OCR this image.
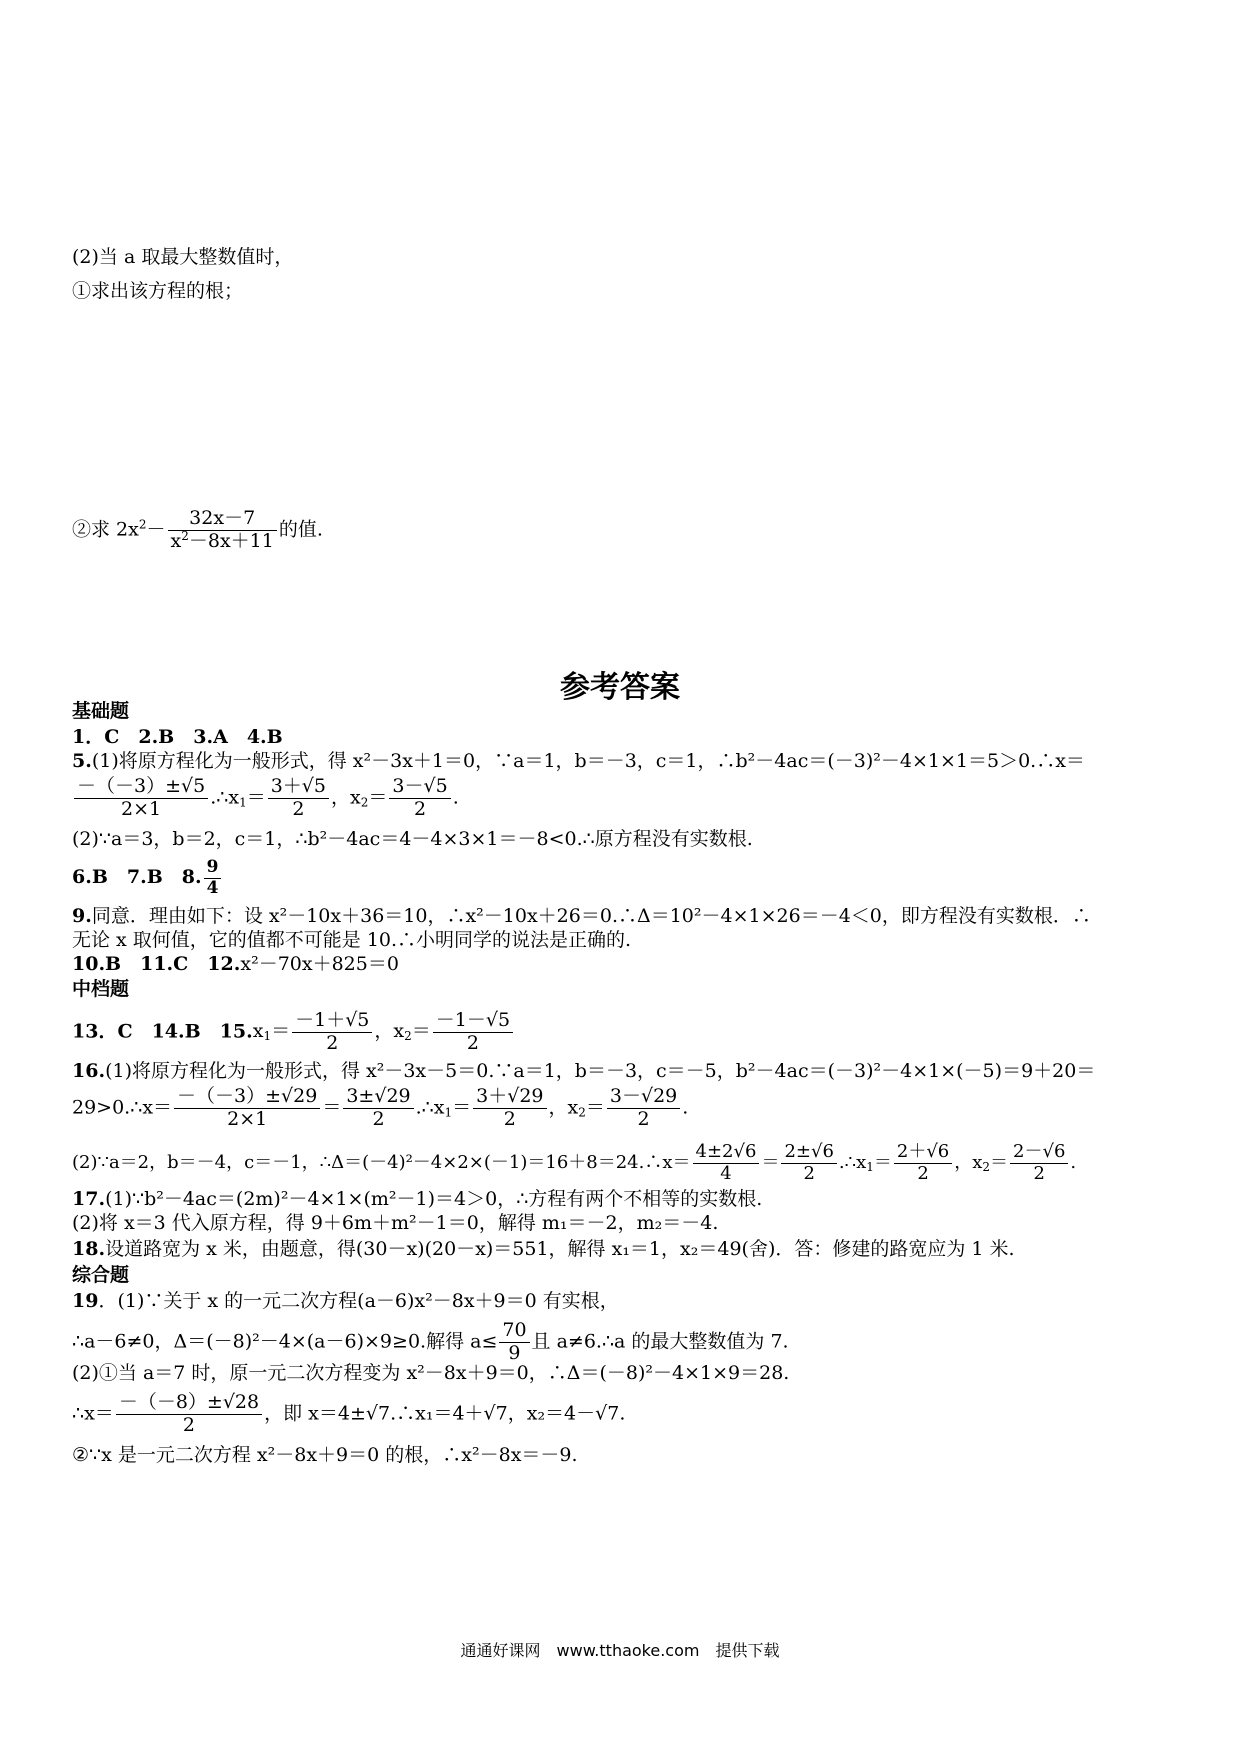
(2)当 a 取最大整数值时，
①求出该方程的根；
②求 $2x^2- \frac{32x-7}{x^2-8x+11}$ 的值.
参考答案
基础题
1．C　2.B　3.A　4.B
5.(1)将原方程化为一般形式，得 x²－3x＋1＝0，∵a＝1，b＝－3，c＝1，∴b²－4ac＝(－3)²－4×1×1＝5＞0.∴x＝
$\frac{-(-3)\pm√5}{2\times 1}$ $.\therefore x_1= \frac{3+√5}{2}$ ，$x_2= \frac{3-√5}{2}$ .
(2)∵a＝3，b＝2，c＝1，∴b²－4ac＝4－4×3×1＝－8<0.∴原方程没有实数根.
6.B　7.B　8. $\frac{9}{4}$
9.同意．理由如下：设 x²－10x＋36＝10，∴x²－10x＋26＝0.∴Δ＝10²－4×1×26＝－4＜0，即方程没有实数根．∴
无论 x 取何值，它的值都不可能是 10.∴小明同学的说法是正确的.
10.B　11.C　12.x²－70x＋825＝0
中档题
13．C　14.B　$15.x_1= \frac{-1+√5}{2}$ ，$x_2= \frac{-1-√5}{2}$
16.(1)将原方程化为一般形式，得 x²－3x－5＝0.∵a＝1，b＝－3，c＝－5，b²－4ac＝(－3)²－4×1×(－5)＝9＋20＝
29>0.∴x＝ $\frac{-(-3)\pm√29}{2\times 1} = \frac{3\pm√29}{2}$ $.\therefore x_1= \frac{3+√29}{2}$ ，$x_2= \frac{3-√29}{2}$ .
(2)∵a＝2，b＝－4，c＝－1，∴Δ＝(－4)²－4×2×(－1)＝16＋8＝24.∴x＝ $\frac{4\pm 2√6}{4} = \frac{2\pm√6}{2}$ $.\therefore x_1= \frac{2+√6}{2}$ ，$x_2= \frac{2-√6}{2}$ .
17.(1)∵b²－4ac＝(2m)²－4×1×(m²－1)＝4＞0，∴方程有两个不相等的实数根.
(2)将 x＝3 代入原方程，得 9＋6m＋m²－1＝0，解得 m₁＝－2，m₂＝－4.
18.设道路宽为 x 米，由题意，得(30－x)(20－x)＝551，解得 x₁＝1，x₂＝49(舍)．答：修建的路宽应为 1 米.
综合题
19．(1)∵关于 x 的一元二次方程(a－6)x²－8x＋9＝0 有实根，
∴a－6≠0，Δ＝(－8)²－4×(a－6)×9≥0.解得 $a\le \frac{70}{9}$ 且 a≠6.∴a 的最大整数值为 7.
(2)①当 a＝7 时，原一元二次方程变为 x²－8x＋9＝0，∴Δ＝(－8)²－4×1×9＝28.
∴x＝ $\frac{-(-8)\pm√28}{2}$ ，即 x＝4±√7.∴x₁＝4＋√7，x₂＝4－√7.
②∵x 是一元二次方程 x²－8x＋9＝0 的根，∴x²－8x＝－9.
通通好课网　www.tthaoke.com　提供下载
